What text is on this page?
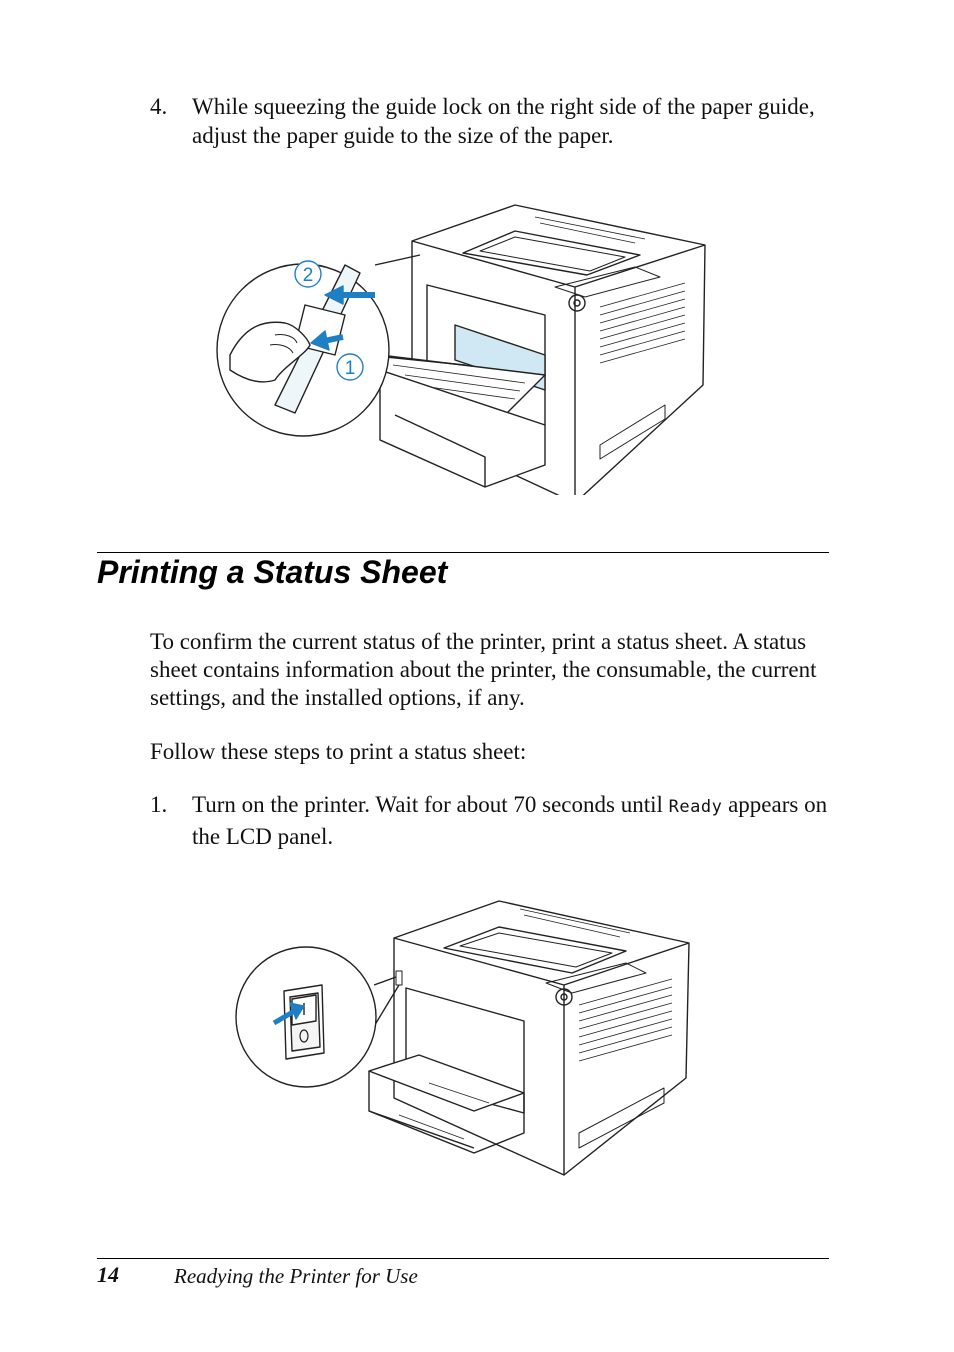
4. While squeezing the guide lock on the right side of the paper guide, adjust the paper guide to the size of the paper.
2
1
Printing a Status Sheet
To confirm the current status of the printer, print a status sheet. A status sheet contains information about the printer, the consumable, the current settings, and the installed options, if any.
Follow these steps to print a status sheet:
1. Turn on the printer. Wait for about 70 seconds until Ready appears on the LCD panel.
14	Readying the Printer for Use
